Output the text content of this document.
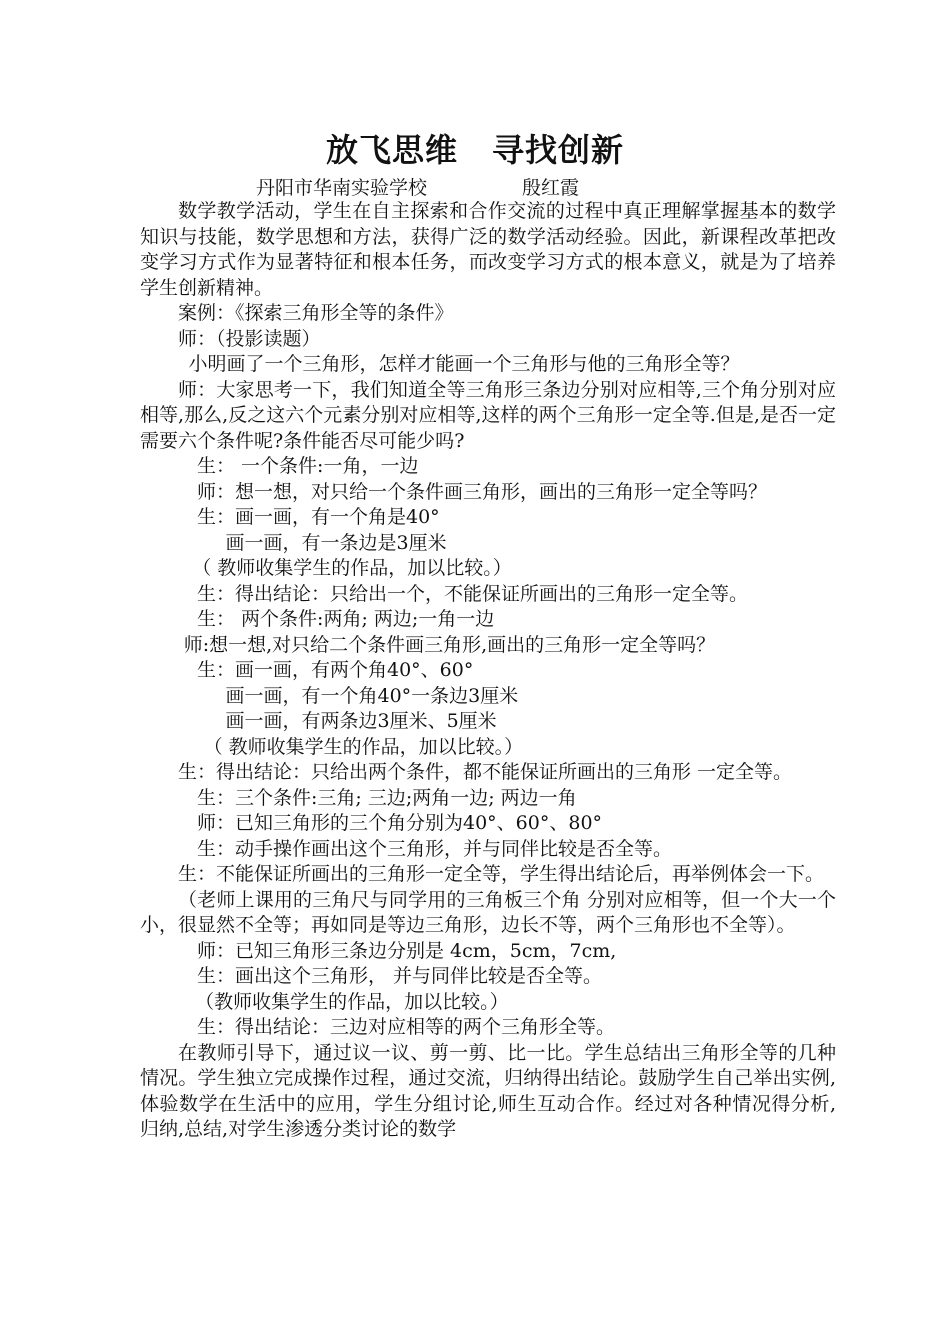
放飞思维 寻找创新
丹阳市华南实验学校	殷红霞

数学教学活动，学生在自主探索和合作交流的过程中真正理解掌握基本的数学知识与技能，数学思想和方法，获得广泛的数学活动经验。因此，新课程改革把改变学习方式作为显著特征和根本任务，而改变学习方式的根本意义，就是为了培养学生创新精神。

案例：《探索三角形全等的条件》

师：（投影读题）

小明画了一个三角形，怎样才能画一个三角形与他的三角形全等？

师：大家思考一下，我们知道全等三角形三条边分别对应相等,三个角分别对应相等,那么,反之这六个元素分别对应相等,这样的两个三角形一定全等.但是,是否一定需要六个条件呢?条件能否尽可能少吗?

生： 一个条件:一角，一边

师：想一想，对只给一个条件画三角形，画出的三角形一定全等吗？

生：画一画，有一个角是40°

画一画，有一条边是3厘米

（ 教师收集学生的作品，加以比较。）

生：得出结论：只给出一个，不能保证所画出的三角形一定全等。

生： 两个条件:两角; 两边;一角一边

师:想一想,对只给二个条件画三角形,画出的三角形一定全等吗？

生：画一画，有两个角40°、60°

画一画，有一个角40°一条边3厘米

画一画，有两条边3厘米、5厘米

（ 教师收集学生的作品，加以比较。）

生：得出结论：只给出两个条件，都不能保证所画出的三角形 一定全等。

生：三个条件:三角; 三边;两角一边; 两边一角

师：已知三角形的三个角分别为40°、60°、80°

生：动手操作画出这个三角形，并与同伴比较是否全等。

生：不能保证所画出的三角形一定全等，学生得出结论后，再举例体会一下。

（老师上课用的三角尺与同学用的三角板三个角 分别对应相等，但一个大一个小，很显然不全等；再如同是等边三角形，边长不等，两个三角形也不全等）。

师：已知三角形三条边分别是 4cm，5cm，7cm,

生：画出这个三角形， 并与同伴比较是否全等。

（教师收集学生的作品，加以比较。）

生：得出结论：三边对应相等的两个三角形全等。

在教师引导下，通过议一议、剪一剪、比一比。学生总结出三角形全等的几种情况。学生独立完成操作过程，通过交流，归纳得出结论。鼓励学生自己举出实例,体验数学在生活中的应用，学生分组讨论,师生互动合作。经过对各种情况得分析,归纳,总结,对学生渗透分类讨论的数学
